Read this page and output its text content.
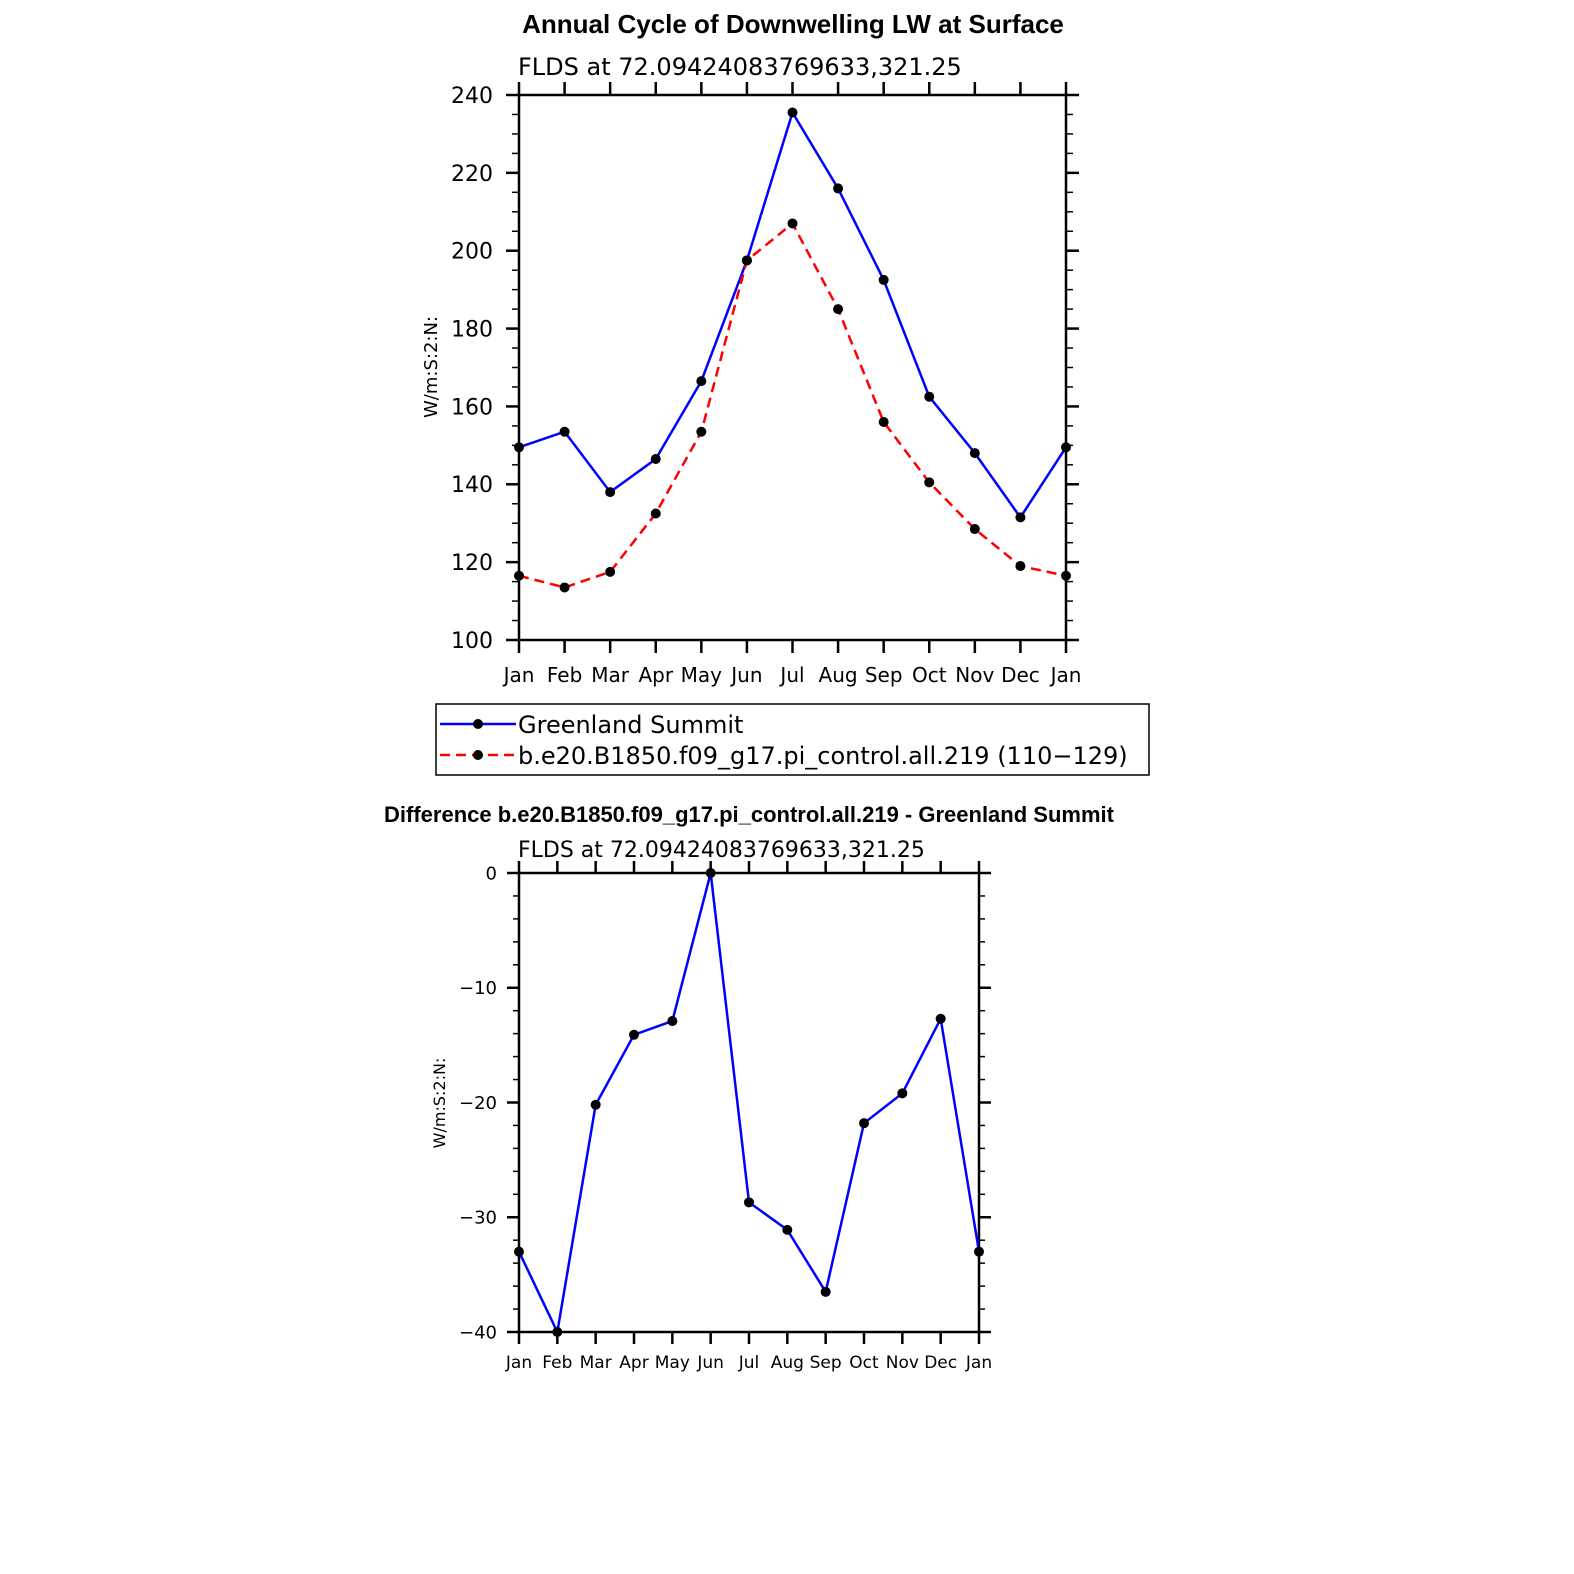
Annual Cycle of Downwelling LW at Surface
FLDS at 72.09424083769633,321.25
W/m:S:2:N:
Jan Feb Mar Apr May Jun Jul Aug Sep Oct Nov Dec Jan
100
120
140
160
180
200
220
240
Greenland Summit
b.e20.B1850.f09_g17.pi_control.all.219 (110−129)
Difference b.e20.B1850.f09_g17.pi_control.all.219 - Greenland Summit
FLDS at 72.09424083769633,321.25
W/m:S:2:N:
Jan Feb Mar Apr May Jun Jul Aug Sep Oct Nov Dec Jan
0
−10
−20
−30
−40
